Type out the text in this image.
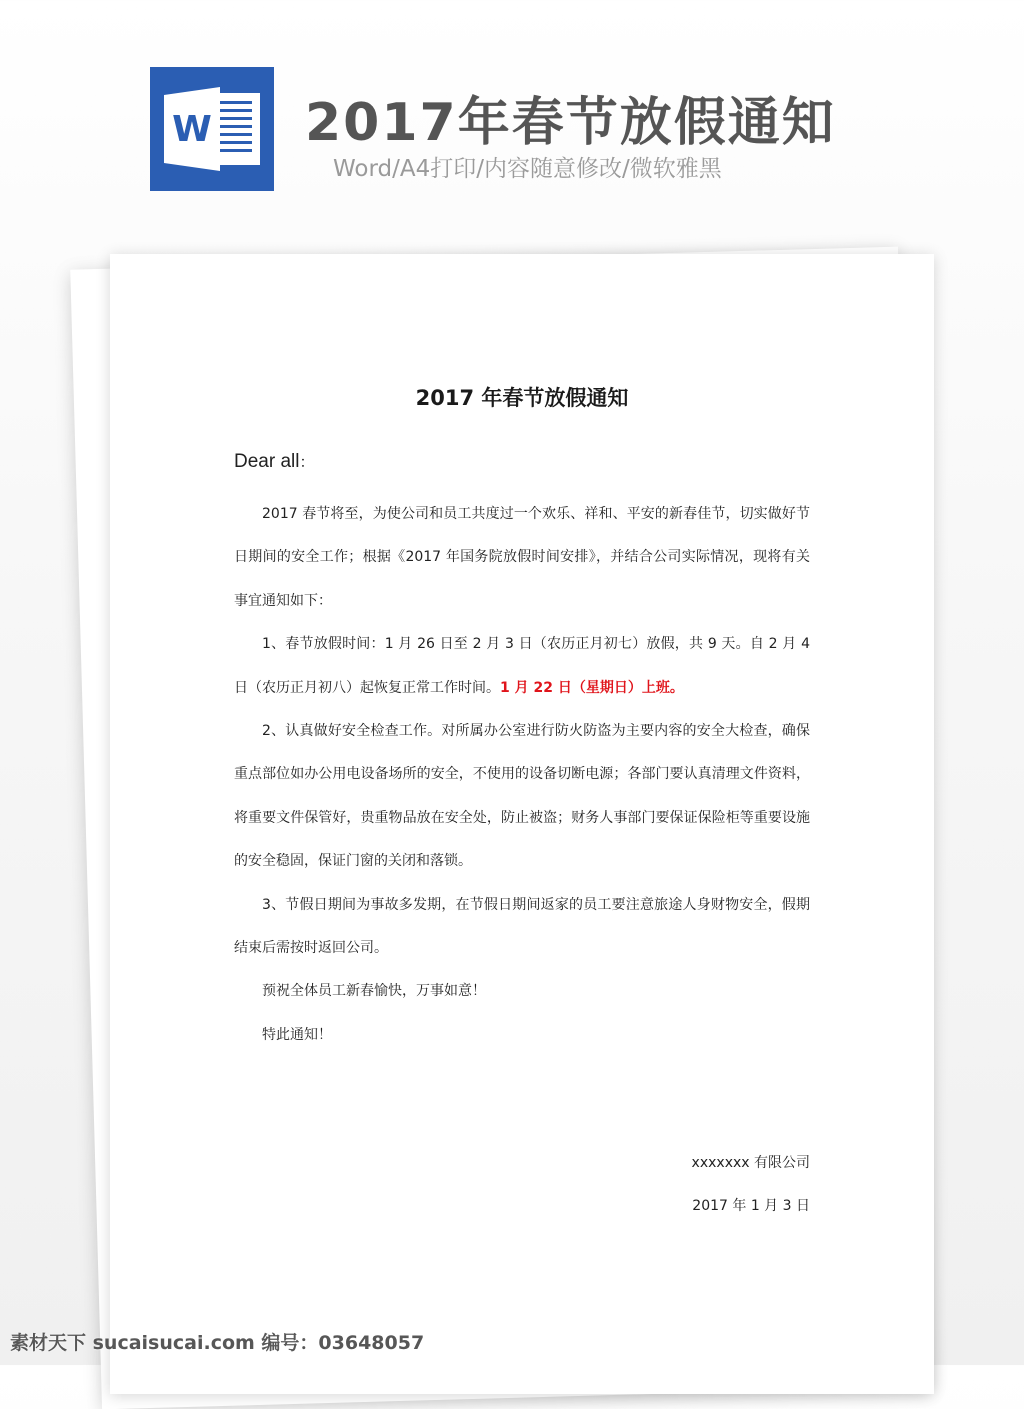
W 2017年春节放假通知
Word/A4打印/内容随意修改/微软雅黑
2017 年春节放假通知
Dear all：

2017 春节将至，为使公司和员工共度过一个欢乐、祥和、平安的新春佳节，切实做好节日期间的安全工作；根据《2017 年国务院放假时间安排》，并结合公司实际情况，现将有关事宜通知如下：

1、春节放假时间：1 月 26 日至 2 月 3 日（农历正月初七）放假，共 9 天。自 2 月 4 日（农历正月初八）起恢复正常工作时间。1 月 22 日（星期日）上班。

2、认真做好安全检查工作。对所属办公室进行防火防盗为主要内容的安全大检查，确保重点部位如办公用电设备场所的安全，不使用的设备切断电源；各部门要认真清理文件资料，将重要文件保管好，贵重物品放在安全处，防止被盗；财务人事部门要保证保险柜等重要设施的安全稳固，保证门窗的关闭和落锁。

3、节假日期间为事故多发期，在节假日期间返家的员工要注意旅途人身财物安全，假期结束后需按时返回公司。

预祝全体员工新春愉快，万事如意！

特此通知！

xxxxxxx 有限公司
2017 年 1 月 3 日
素材天下 sucaisucai.com 编号：03648057
